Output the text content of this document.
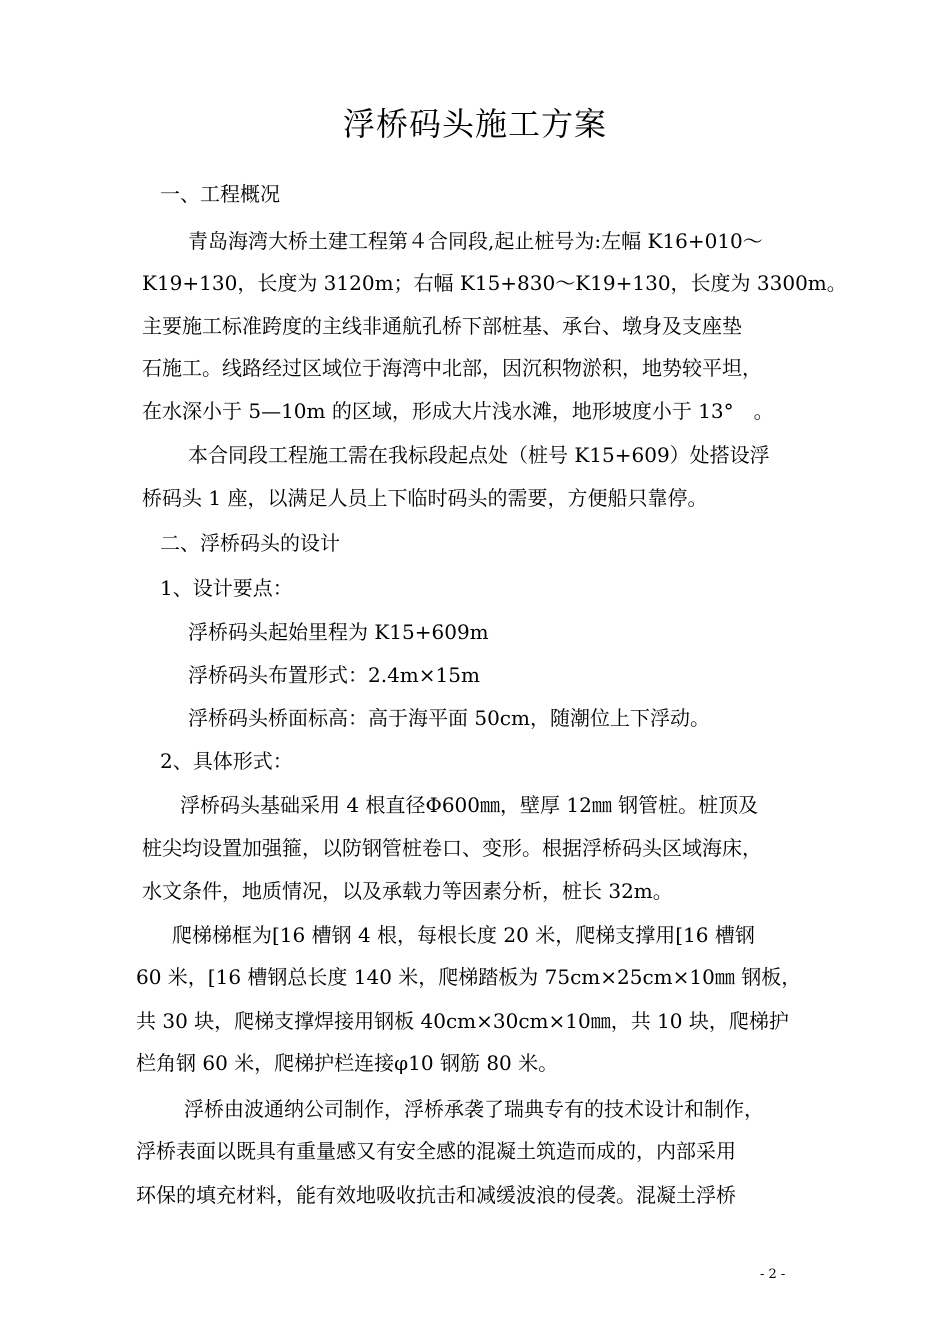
浮桥码头施工方案
一、工程概况
青岛海湾大桥土建工程第４合同段,起止桩号为:左幅 K16+010～
K19+130，长度为 3120m；右幅 K15+830～K19+130，长度为 3300m。
主要施工标准跨度的主线非通航孔桥下部桩基、承台、墩身及支座垫
石施工。线路经过区域位于海湾中北部，因沉积物淤积，地势较平坦，
在水深小于 5—10m 的区域，形成大片浅水滩，地形坡度小于 13°　。
本合同段工程施工需在我标段起点处（桩号 K15+609）处搭设浮
桥码头 1 座，以满足人员上下临时码头的需要，方便船只靠停。
二、浮桥码头的设计
1、设计要点：
浮桥码头起始里程为 K15+609m
浮桥码头布置形式：2.4m×15m
浮桥码头桥面标高：高于海平面 50cm，随潮位上下浮动。
2、具体形式：
浮桥码头基础采用 4 根直径Φ600㎜，壁厚 12㎜ 钢管桩。桩顶及
桩尖均设置加强箍，以防钢管桩卷口、变形。根据浮桥码头区域海床，
水文条件，地质情况，以及承载力等因素分析，桩长 32m。
爬梯梯框为[16 槽钢 4 根，每根长度 20 米，爬梯支撑用[16 槽钢
60 米，[16 槽钢总长度 140 米，爬梯踏板为 75cm×25cm×10㎜ 钢板，
共 30 块，爬梯支撑焊接用钢板 40cm×30cm×10㎜，共 10 块，爬梯护
栏角钢 60 米，爬梯护栏连接φ10 钢筋 80 米。
浮桥由波通纳公司制作，浮桥承袭了瑞典专有的技术设计和制作，
浮桥表面以既具有重量感又有安全感的混凝土筑造而成的，内部采用
环保的填充材料，能有效地吸收抗击和减缓波浪的侵袭。混凝土浮桥
- 2 -
